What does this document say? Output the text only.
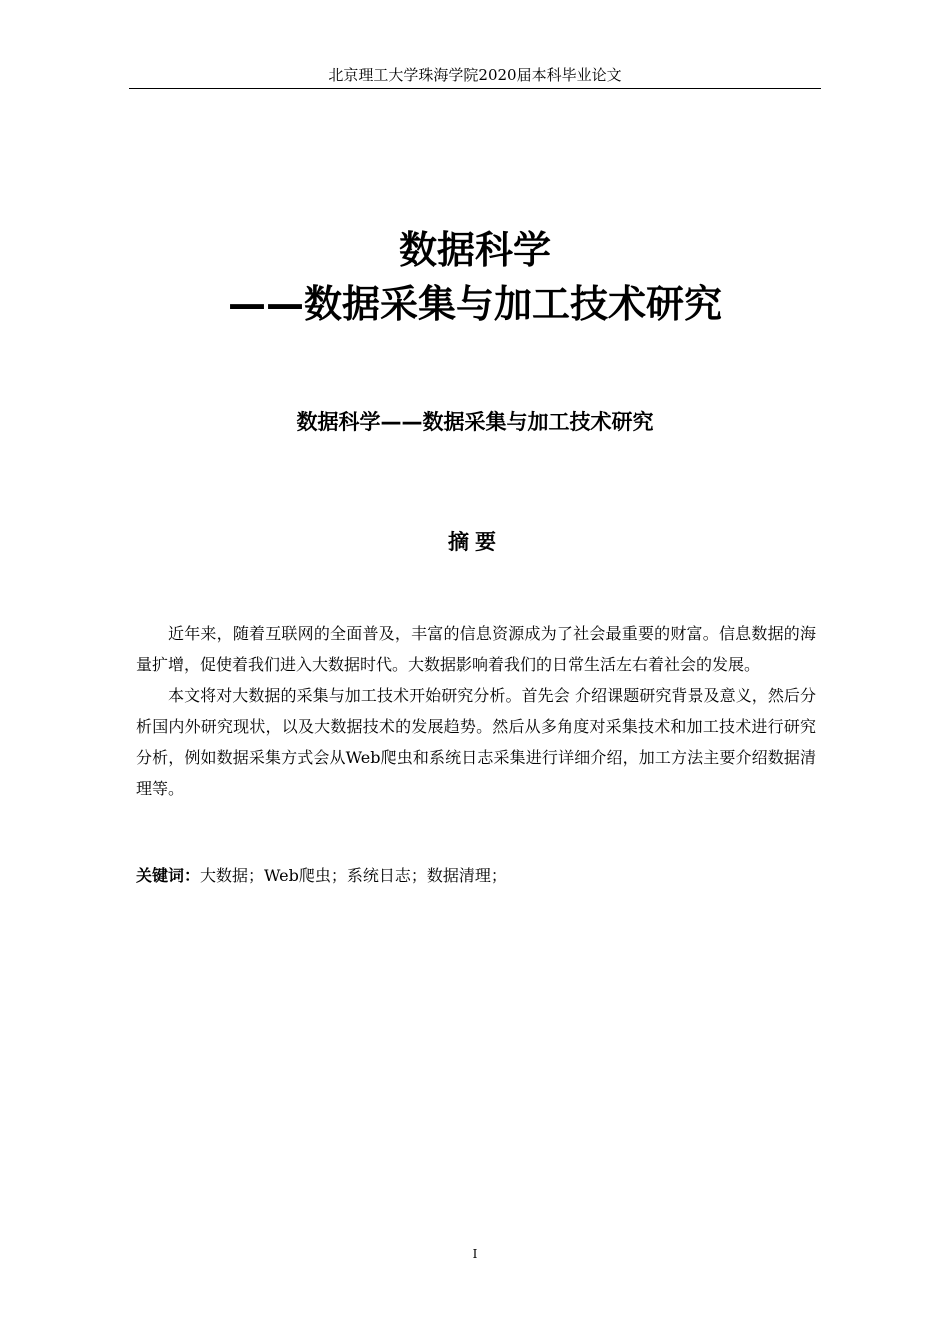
北京理工大学珠海学院2020届本科毕业论文
数据科学
——数据采集与加工技术研究
数据科学——数据采集与加工技术研究
摘要

近年来，随着互联网的全面普及，丰富的信息资源成为了社会最重要的财富。信息数据的海量扩增，促使着我们进入大数据时代。大数据影响着我们的日常生活左右着社会的发展。

本文将对大数据的采集与加工技术开始研究分析。首先会 介绍课题研究背景及意义，然后分析国内外研究现状，以及大数据技术的发展趋势。然后从多角度对采集技术和加工技术进行研究分析，例如数据采集方式会从Web爬虫和系统日志采集进行详细介绍，加工方法主要介绍数据清理等。

关键词：大数据；Web爬虫；系统日志；数据清理；
I
